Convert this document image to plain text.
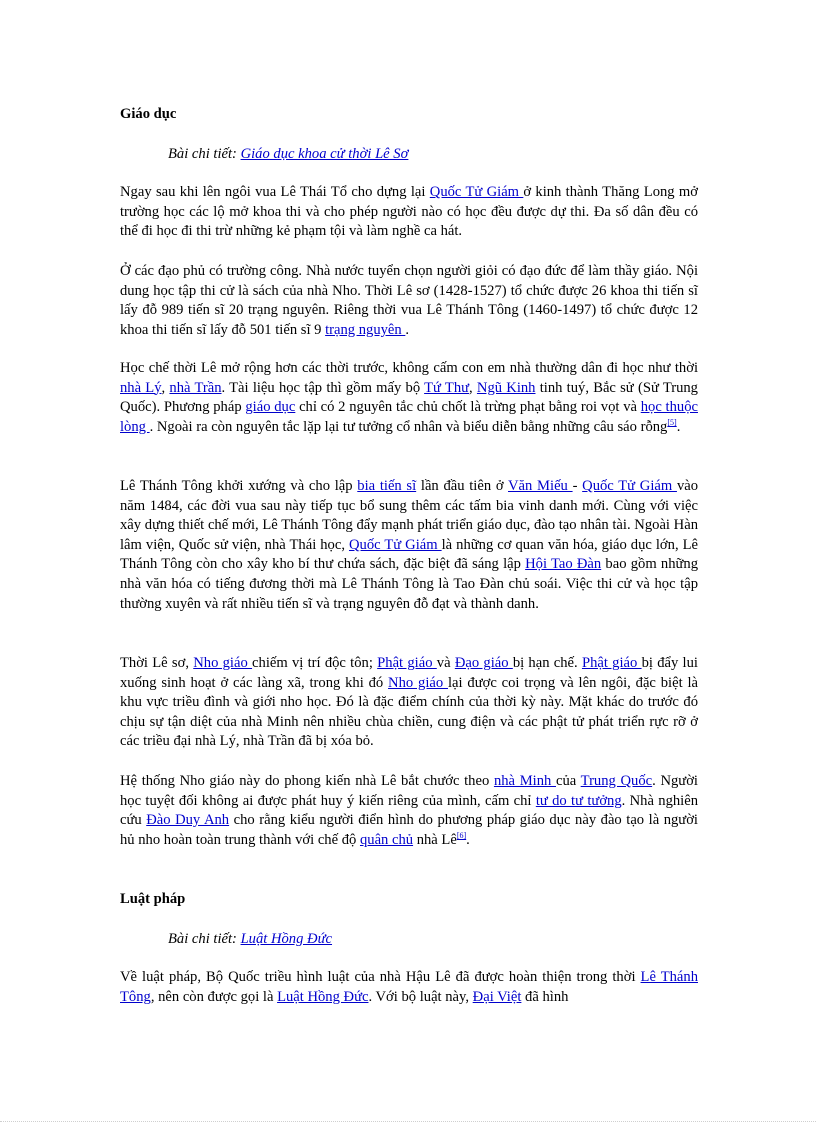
Giáo dục
Bài chi tiết: Giáo dục khoa cử thời Lê Sơ

Ngay sau khi lên ngôi vua Lê Thái Tổ cho dựng lại Quốc Tử Giám ở kinh thành Thăng Long mở trường học các lộ mở khoa thi và cho phép người nào có học đều được dự thi. Đa số dân đều có thể đi học đi thi trừ những kẻ phạm tội và làm nghề ca hát.

Ở các đạo phủ có trường công. Nhà nước tuyển chọn người giỏi có đạo đức để làm thầy giáo. Nội dung học tập thi cử là sách của nhà Nho. Thời Lê sơ (1428-1527) tổ chức được 26 khoa thi tiến sĩ lấy đỗ 989 tiến sĩ 20 trạng nguyên. Riêng thời vua Lê Thánh Tông (1460-1497) tổ chức được 12 khoa thi tiến sĩ lấy đỗ 501 tiến sĩ 9 trạng nguyên .

Học chế thời Lê mở rộng hơn các thời trước, không cấm con em nhà thường dân đi học như thời nhà Lý, nhà Trần. Tài liệu học tập thì gồm mấy bộ Tứ Thư, Ngũ Kinh tinh tuý, Bắc sử (Sử Trung Quốc). Phương pháp giáo dục chỉ có 2 nguyên tắc chủ chốt là trừng phạt bằng roi vọt và học thuộc lòng . Ngoài ra còn nguyên tắc lặp lại tư tưởng cổ nhân và biểu diễn bằng những câu sáo rỗng[5].

Lê Thánh Tông khởi xướng và cho lập bia tiến sĩ lần đầu tiên ở Văn Miếu - Quốc Tử Giám vào năm 1484, các đời vua sau này tiếp tục bổ sung thêm các tấm bia vinh danh mới. Cùng với việc xây dựng thiết chế mới, Lê Thánh Tông đẩy mạnh phát triển giáo dục, đào tạo nhân tài. Ngoài Hàn lâm viện, Quốc sử viện, nhà Thái học, Quốc Tử Giám là những cơ quan văn hóa, giáo dục lớn, Lê Thánh Tông còn cho xây kho bí thư chứa sách, đặc biệt đã sáng lập Hội Tao Đàn bao gồm những nhà văn hóa có tiếng đương thời mà Lê Thánh Tông là Tao Đàn chủ soái. Việc thi cử và học tập thường xuyên và rất nhiều tiến sĩ và trạng nguyên đỗ đạt và thành danh.

Thời Lê sơ, Nho giáo chiếm vị trí độc tôn; Phật giáo và Đạo giáo bị hạn chế. Phật giáo bị đẩy lui xuống sinh hoạt ở các làng xã, trong khi đó Nho giáo lại được coi trọng và lên ngôi, đặc biệt là khu vực triều đình và giới nho học. Đó là đặc điểm chính của thời kỳ này. Mặt khác do trước đó chịu sự tận diệt của nhà Minh nên nhiều chùa chiền, cung điện và các phật tử phát triển rực rỡ ở các triều đại nhà Lý, nhà Trần đã bị xóa bỏ.

Hệ thống Nho giáo này do phong kiến nhà Lê bắt chước theo nhà Minh của Trung Quốc. Người học tuyệt đối không ai được phát huy ý kiến riêng của mình, cấm chỉ tư do tư tưởng. Nhà nghiên cứu Đào Duy Anh cho rằng kiểu người điển hình do phương pháp giáo dục này đào tạo là người hủ nho hoàn toàn trung thành với chế độ quân chủ nhà Lê[6].

Luật pháp
Bài chi tiết: Luật Hồng Đức

Về luật pháp, Bộ Quốc triều hình luật của nhà Hậu Lê đã được hoàn thiện trong thời Lê Thánh Tông, nên còn được gọi là Luật Hồng Đức. Với bộ luật này, Đại Việt đã hình
